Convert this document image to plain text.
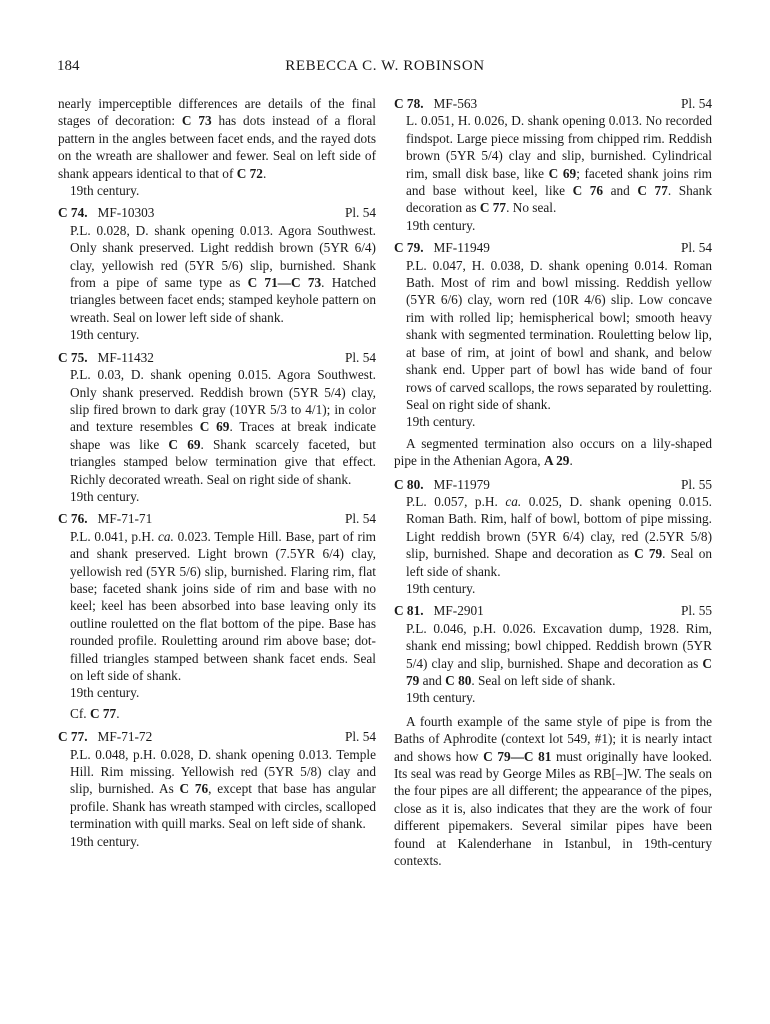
184	REBECCA C. W. ROBINSON

nearly imperceptible differences are details of the final stages of decoration: C 73 has dots instead of a floral pattern in the angles between facet ends, and the rayed dots on the wreath are shallower and fewer. Seal on left side of shank appears identical to that of C 72.

19th century.

C 74. MF-10303	Pl. 54

P.L. 0.028, D. shank opening 0.013. Agora Southwest. Only shank preserved. Light reddish brown (5YR 6/4) clay, yellowish red (5YR 5/6) slip, burnished. Shank from a pipe of same type as C 71—C 73. Hatched triangles between facet ends; stamped keyhole pattern on wreath. Seal on lower left side of shank.

19th century.

C 75. MF-11432	Pl. 54

P.L. 0.03, D. shank opening 0.015. Agora Southwest. Only shank preserved. Reddish brown (5YR 5/4) clay, slip fired brown to dark gray (10YR 5/3 to 4/1); in color and texture resembles C 69. Traces at break indicate shape was like C 69. Shank scarcely faceted, but triangles stamped below termination give that effect. Richly decorated wreath. Seal on right side of shank.

19th century.

C 76. MF-71-71	Pl. 54

P.L. 0.041, p.H. ca. 0.023. Temple Hill. Base, part of rim and shank preserved. Light brown (7.5YR 6/4) clay, yellowish red (5YR 5/6) slip, burnished. Flaring rim, flat base; faceted shank joins side of rim and base with no keel; keel has been absorbed into base leaving only its outline rouletted on the flat bottom of the pipe. Base has rounded profile. Rouletting around rim above base; dot-filled triangles stamped between shank facet ends. Seal on left side of shank.

19th century.

Cf. C 77.

C 77. MF-71-72	Pl. 54

P.L. 0.048, p.H. 0.028, D. shank opening 0.013. Temple Hill. Rim missing. Yellowish red (5YR 5/8) clay and slip, burnished. As C 76, except that base has angular profile. Shank has wreath stamped with circles, scalloped termination with quill marks. Seal on left side of shank.

19th century.

C 78. MF-563	Pl. 54

L. 0.051, H. 0.026, D. shank opening 0.013. No recorded findspot. Large piece missing from chipped rim. Reddish brown (5YR 5/4) clay and slip, burnished. Cylindrical rim, small disk base, like C 69; faceted shank joins rim and base without keel, like C 76 and C 77. Shank decoration as C 77. No seal.

19th century.

C 79. MF-11949	Pl. 54

P.L. 0.047, H. 0.038, D. shank opening 0.014. Roman Bath. Most of rim and bowl missing. Reddish yellow (5YR 6/6) clay, worn red (10R 4/6) slip. Low concave rim with rolled lip; hemispherical bowl; smooth heavy shank with segmented termination. Rouletting below lip, at base of rim, at joint of bowl and shank, and below shank end. Upper part of bowl has wide band of four rows of carved scallops, the rows separated by rouletting. Seal on right side of shank.

19th century.

A segmented termination also occurs on a lily-shaped pipe in the Athenian Agora, A 29.

C 80. MF-11979	Pl. 55

P.L. 0.057, p.H. ca. 0.025, D. shank opening 0.015. Roman Bath. Rim, half of bowl, bottom of pipe missing. Light reddish brown (5YR 6/4) clay, red (2.5YR 5/8) slip, burnished. Shape and decoration as C 79. Seal on left side of shank.

19th century.

C 81. MF-2901	Pl. 55

P.L. 0.046, p.H. 0.026. Excavation dump, 1928. Rim, shank end missing; bowl chipped. Reddish brown (5YR 5/4) clay and slip, burnished. Shape and decoration as C 79 and C 80. Seal on left side of shank.

19th century.

A fourth example of the same style of pipe is from the Baths of Aphrodite (context lot 549, #1); it is nearly intact and shows how C 79—C 81 must originally have looked. Its seal was read by George Miles as RB[–]W. The seals on the four pipes are all different; the appearance of the pipes, close as it is, also indicates that they are the work of four different pipemakers. Several similar pipes have been found at Kalenderhane in Istanbul, in 19th-century contexts.
